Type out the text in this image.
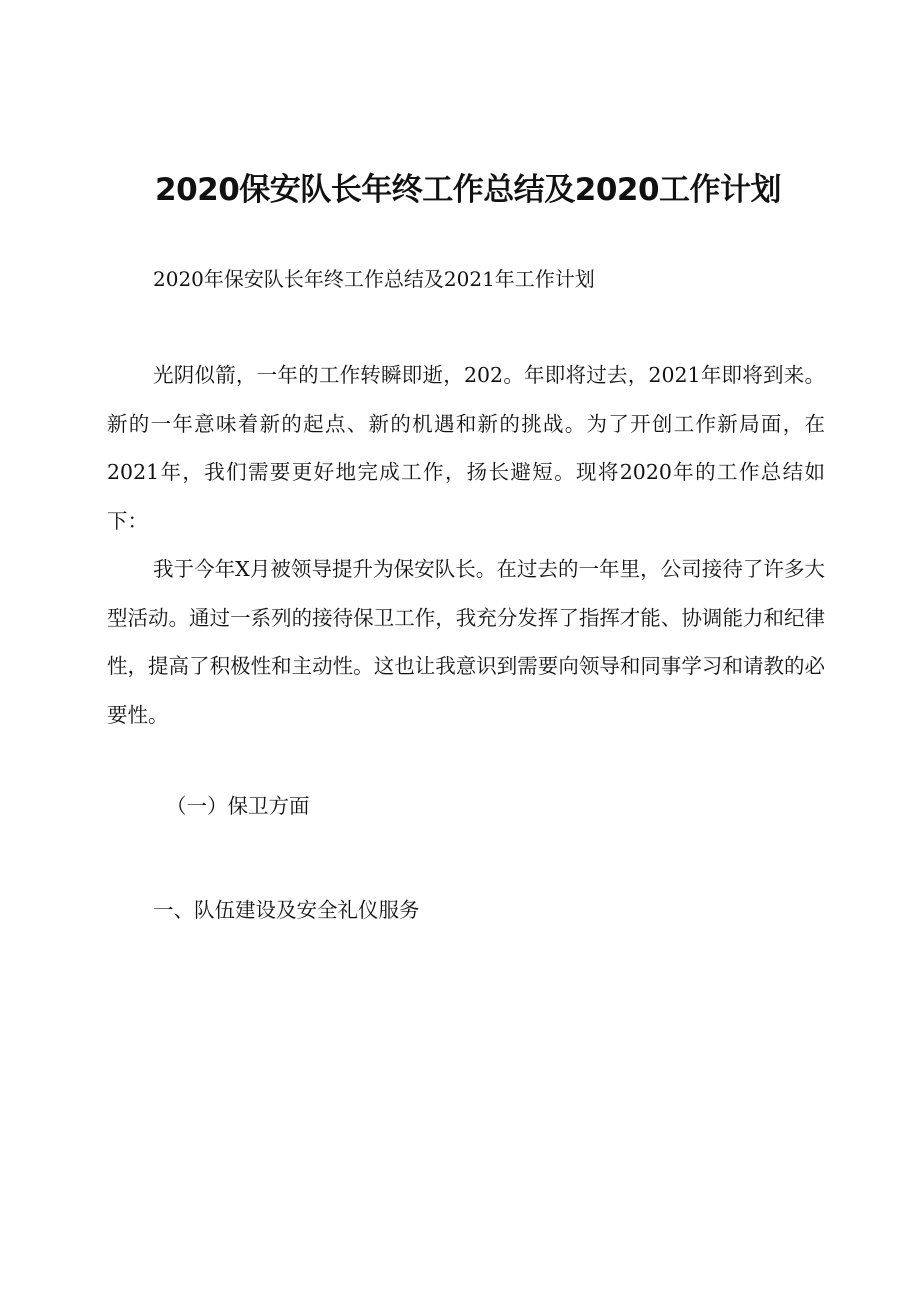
2020保安队长年终工作总结及2020工作计划
2020年保安队长年终工作总结及2021年工作计划

光阴似箭，一年的工作转瞬即逝，202。年即将过去，2021年即将到来。新的一年意味着新的起点、新的机遇和新的挑战。为了开创工作新局面，在2021年，我们需要更好地完成工作，扬长避短。现将2020年的工作总结如下：

我于今年X月被领导提升为保安队长。在过去的一年里，公司接待了许多大型活动。通过一系列的接待保卫工作，我充分发挥了指挥才能、协调能力和纪律性，提高了积极性和主动性。这也让我意识到需要向领导和同事学习和请教的必要性。

（一）保卫方面
一、队伍建设及安全礼仪服务
